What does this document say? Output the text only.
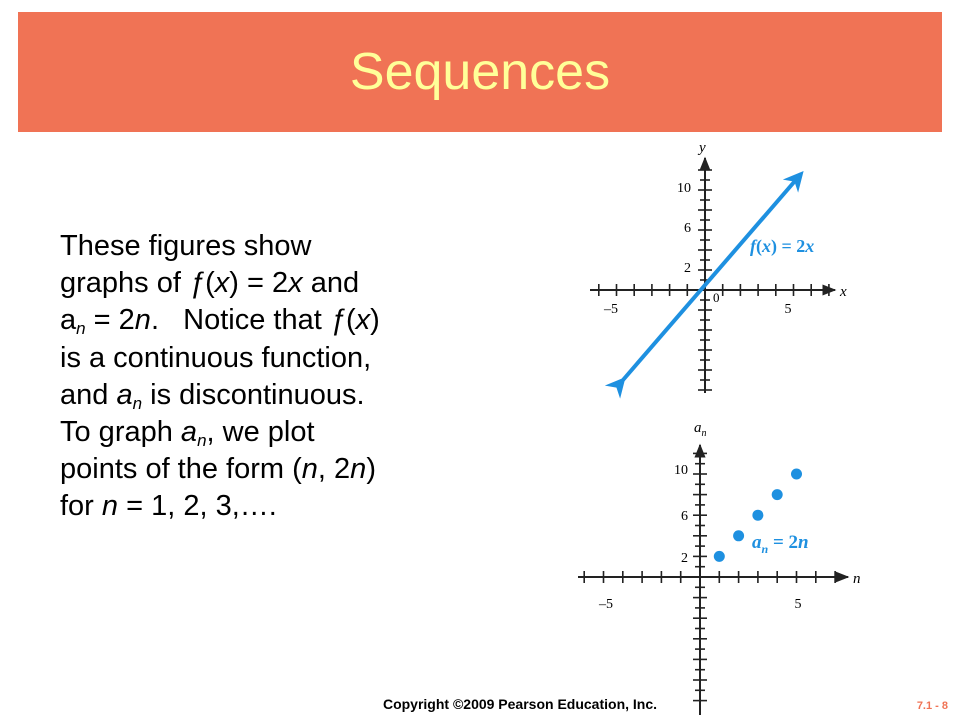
Sequences
These figures show
graphs of ƒ(x) = 2x and
$a_n = 2n$.   Notice that ƒ(x)
is a continuous function,
and $a_n$ is discontinuous.
To graph $a_n$, we plot
points of the form (n, 2n)
for n = 1, 2, 3,….
x
y
10
6
2
–5	5
0
f(x) = 2x
n
$a_n$
10
6
2
–5	5
$a_n = 2n$
Copyright ©2009 Pearson Education, Inc.	7.1 - 8
